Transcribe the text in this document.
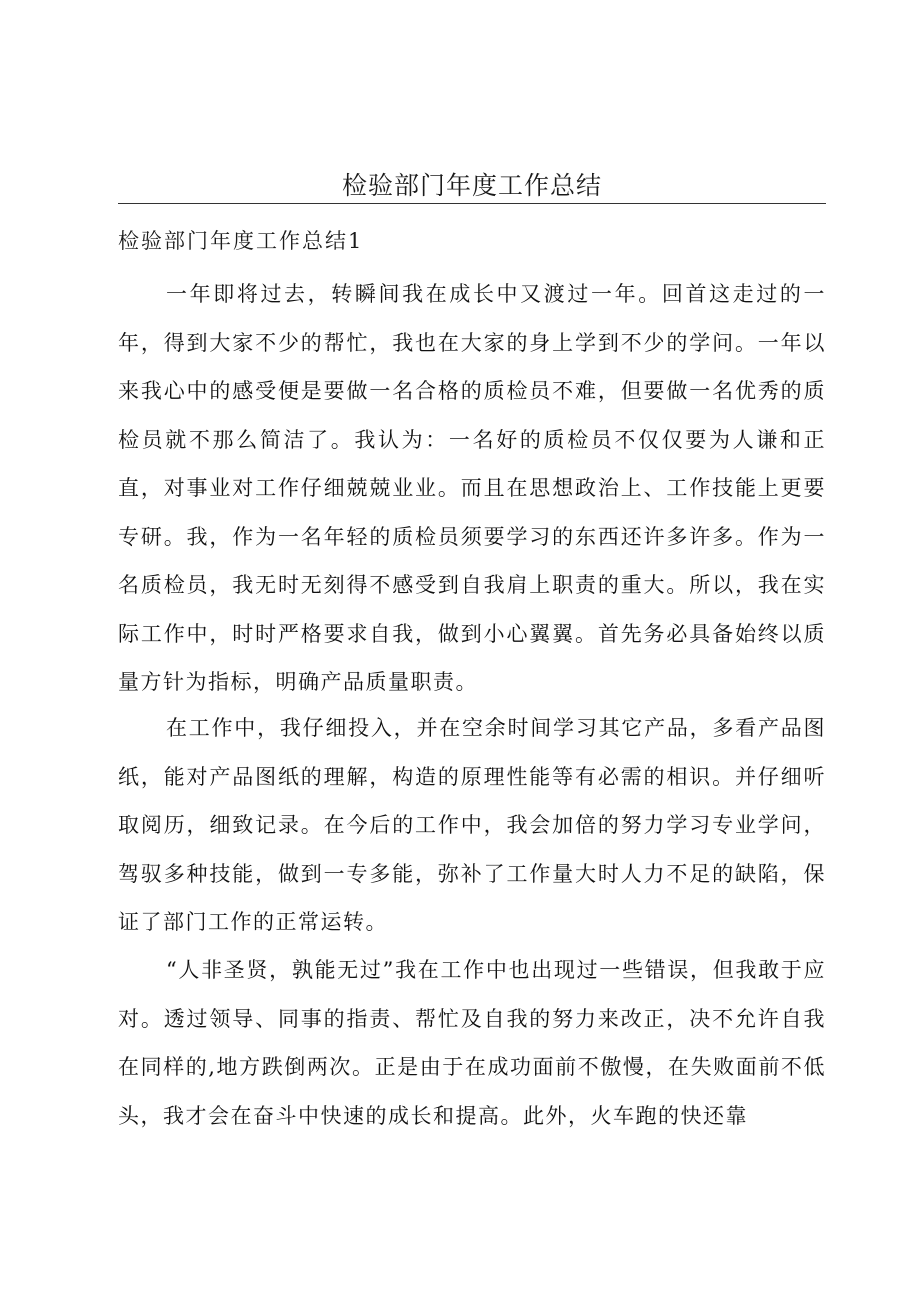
检验部门年度工作总结
检验部门年度工作总结1

一年即将过去，转瞬间我在成长中又渡过一年。回首这走过的一年，得到大家不少的帮忙，我也在大家的身上学到不少的学问。一年以来我心中的感受便是要做一名合格的质检员不难，但要做一名优秀的质检员就不那么简洁了。我认为：一名好的质检员不仅仅要为人谦和正直，对事业对工作仔细兢兢业业。而且在思想政治上、工作技能上更要专研。我，作为一名年轻的质检员须要学习的东西还许多许多。作为一名质检员，我无时无刻得不感受到自我肩上职责的重大。所以，我在实际工作中，时时严格要求自我，做到小心翼翼。首先务必具备始终以质量方针为指标，明确产品质量职责。

在工作中，我仔细投入，并在空余时间学习其它产品，多看产品图纸，能对产品图纸的理解，构造的原理性能等有必需的相识。并仔细听取阅历，细致记录。在今后的工作中，我会加倍的努力学习专业学问，驾驭多种技能，做到一专多能，弥补了工作量大时人力不足的缺陷，保证了部门工作的正常运转。

“人非圣贤，孰能无过”我在工作中也出现过一些错误，但我敢于应对。透过领导、同事的指责、帮忙及自我的努力来改正，决不允许自我在同样的,地方跌倒两次。正是由于在成功面前不傲慢，在失败面前不低头，我才会在奋斗中快速的成长和提高。此外，火车跑的快还靠
